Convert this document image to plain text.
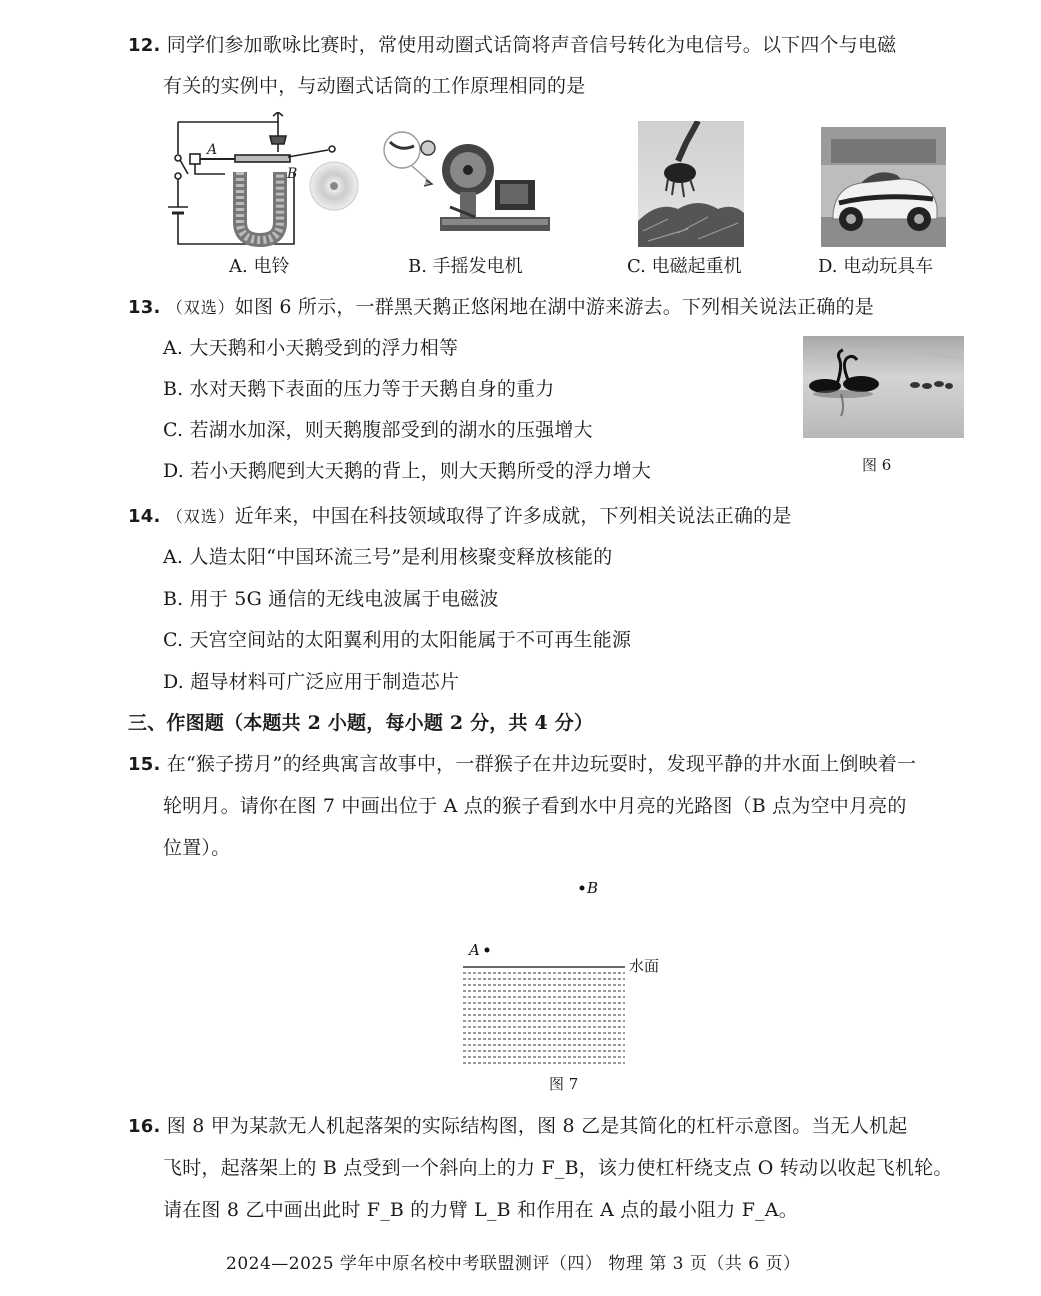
12. 同学们参加歌咏比赛时，常使用动圈式话筒将声音信号转化为电信号。以下四个与电磁
有关的实例中，与动圈式话筒的工作原理相同的是
A
B
A. 电铃	B. 手摇发电机	C. 电磁起重机	D. 电动玩具车
13. （双选）如图 6 所示，一群黑天鹅正悠闲地在湖中游来游去。下列相关说法正确的是
A. 大天鹅和小天鹅受到的浮力相等
B. 水对天鹅下表面的压力等于天鹅自身的重力
C. 若湖水加深，则天鹅腹部受到的湖水的压强增大
D. 若小天鹅爬到大天鹅的背上，则大天鹅所受的浮力增大	图 6
14. （双选）近年来，中国在科技领域取得了许多成就，下列相关说法正确的是
A. 人造太阳“中国环流三号”是利用核聚变释放核能的
B. 用于 5G 通信的无线电波属于电磁波
C. 天宫空间站的太阳翼利用的太阳能属于不可再生能源
D. 超导材料可广泛应用于制造芯片
三、作图题（本题共 2 小题，每小题 2 分，共 4 分）
15. 在“猴子捞月”的经典寓言故事中，一群猴子在井边玩耍时，发现平静的井水面上倒映着一
轮明月。请你在图 7 中画出位于 A 点的猴子看到水中月亮的光路图（B 点为空中月亮的
位置）。
B
A
水面
图 7
16. 图 8 甲为某款无人机起落架的实际结构图，图 8 乙是其简化的杠杆示意图。当无人机起
飞时，起落架上的 B 点受到一个斜向上的力 F_B，该力使杠杆绕支点 O 转动以收起飞机轮。
请在图 8 乙中画出此时 F_B 的力臂 L_B 和作用在 A 点的最小阻力 F_A。
2024—2025 学年中原名校中考联盟测评（四） 物理 第 3 页（共 6 页）
